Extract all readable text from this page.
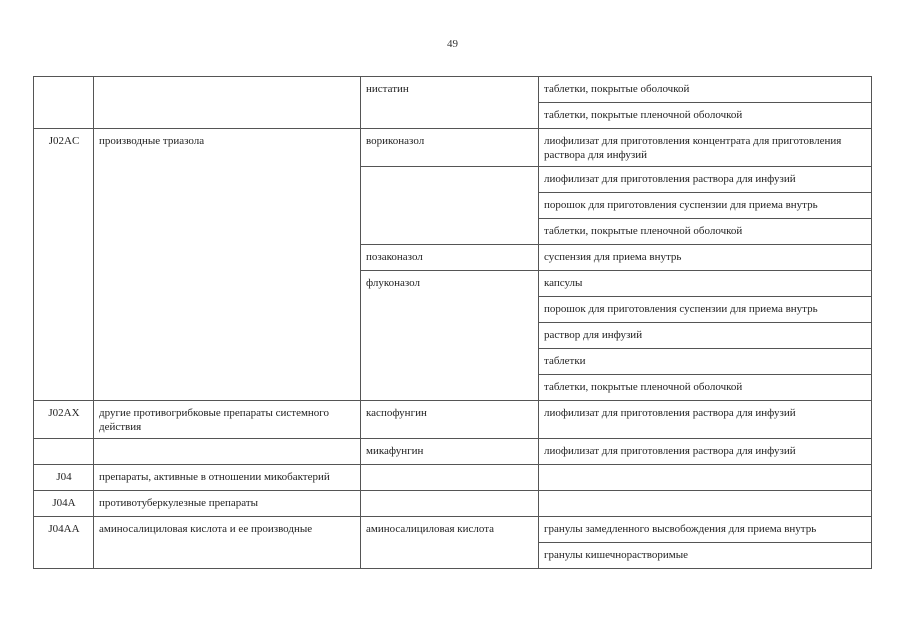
49
		нистатин	таблетки, покрытые оболочкой
			таблетки, покрытые пленочной оболочкой
J02AC	производные триазола	вориконазол	лиофилизат для приготовления концентрата для приготовления раствора для инфузий
			лиофилизат для приготовления раствора для инфузий
			порошок для приготовления суспензии для приема внутрь
			таблетки, покрытые пленочной оболочкой
		позаконазол	суспензия для приема внутрь
		флуконазол	капсулы
			порошок для приготовления суспензии для приема внутрь
			раствор для инфузий
			таблетки
			таблетки, покрытые пленочной оболочкой
J02AX	другие противогрибковые препараты системного действия	каспофунгин	лиофилизат для приготовления раствора для инфузий
		микафунгин	лиофилизат для приготовления раствора для инфузий
J04	препараты, активные в отношении микобактерий		
J04A	противотуберкулезные препараты		
J04AA	аминосалициловая кислота и ее производные	аминосалициловая кислота	гранулы замедленного высвобождения для приема внутрь
			гранулы кишечнорастворимые
